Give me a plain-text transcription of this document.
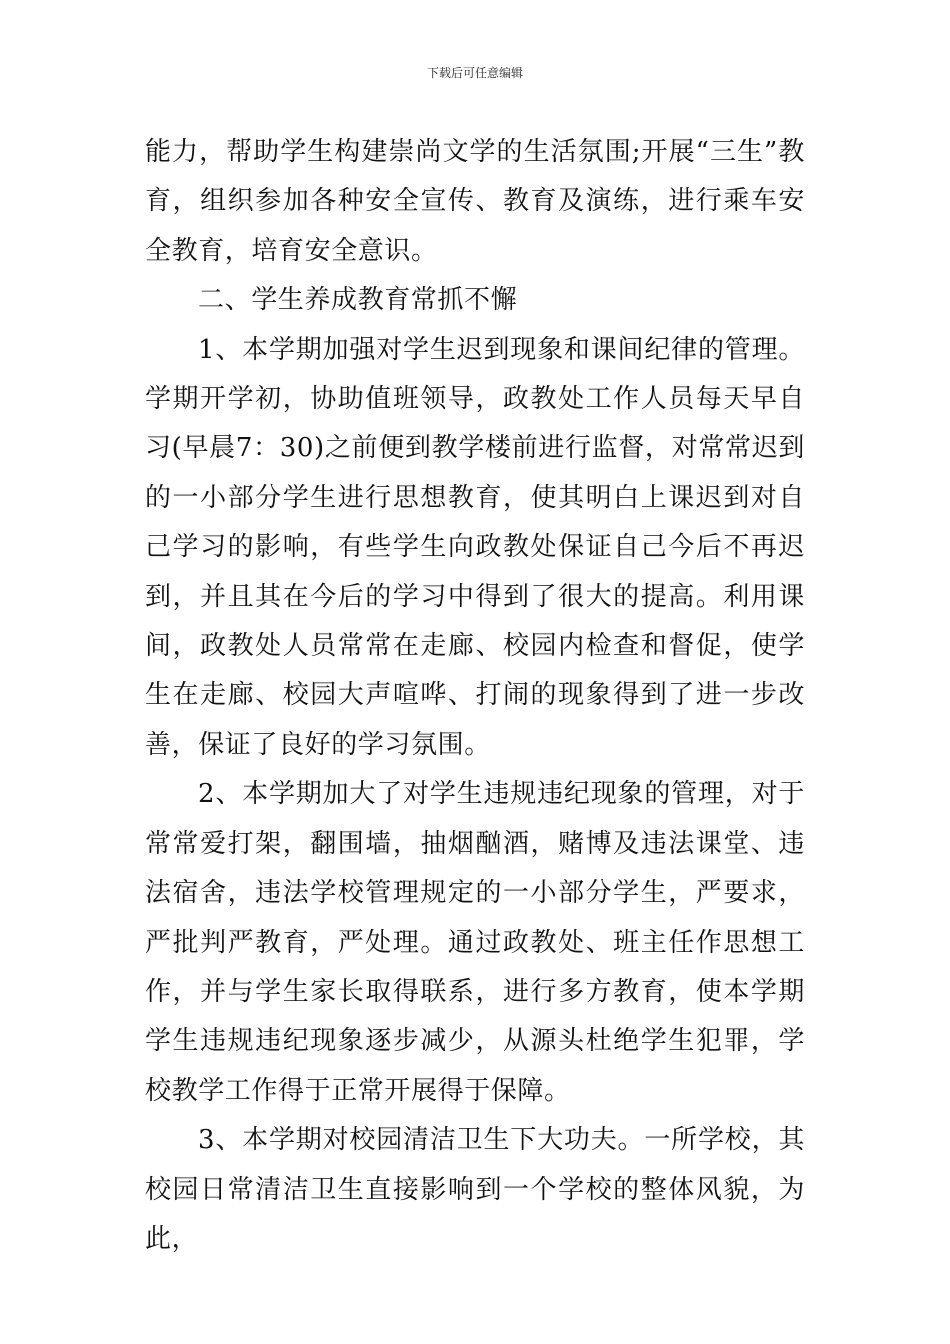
下载后可任意编辑

能力，帮助学生构建崇尚文学的生活氛围;开展“三生”教育，组织参加各种安全宣传、教育及演练，进行乘车安全教育，培育安全意识。

二、学生养成教育常抓不懈

1、本学期加强对学生迟到现象和课间纪律的管理。学期开学初，协助值班领导，政教处工作人员每天早自习(早晨7：30)之前便到教学楼前进行监督，对常常迟到的一小部分学生进行思想教育，使其明白上课迟到对自己学习的影响，有些学生向政教处保证自己今后不再迟到，并且其在今后的学习中得到了很大的提高。利用课间，政教处人员常常在走廊、校园内检查和督促，使学生在走廊、校园大声喧哗、打闹的现象得到了进一步改善，保证了良好的学习氛围。

2、本学期加大了对学生违规违纪现象的管理，对于常常爱打架，翻围墙，抽烟酗酒，赌博及违法课堂、违法宿舍，违法学校管理规定的一小部分学生，严要求，严批判严教育，严处理。通过政教处、班主任作思想工作，并与学生家长取得联系，进行多方教育，使本学期学生违规违纪现象逐步减少，从源头杜绝学生犯罪，学校教学工作得于正常开展得于保障。

3、本学期对校园清洁卫生下大功夫。一所学校，其校园日常清洁卫生直接影响到一个学校的整体风貌，为此，
